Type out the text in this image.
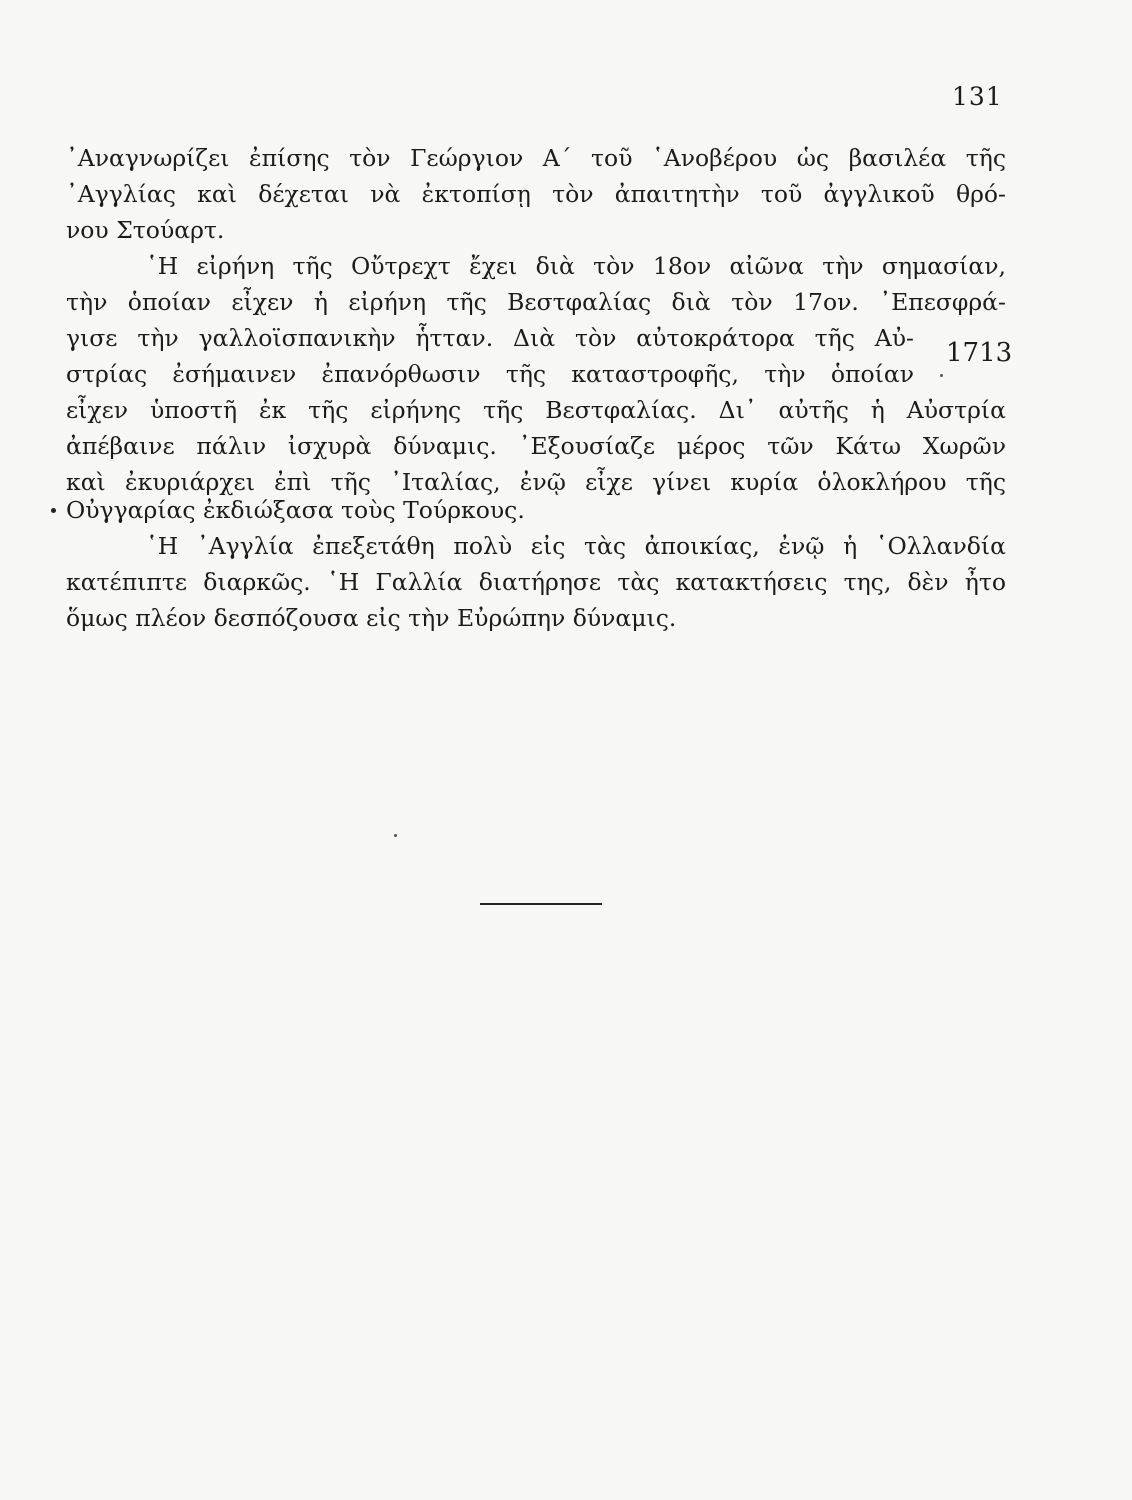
131
᾿Αναγνωρίζει ἐπίσης τὸν Γεώργιον Α΄ τοῦ ῾Ανοβέρου ὡς βασιλέα τῆς
᾿Αγγλίας καὶ δέχεται νὰ ἐκτοπίσῃ τὸν ἀπαιτητὴν τοῦ ἀγγλικοῦ θρό-
νου Στούαρτ.
῾Η εἰρήνη τῆς Οὔτρεχτ ἔχει διὰ τὸν 18ον αἰῶνα τὴν σημασίαν,
τὴν ὁποίαν εἶχεν ἡ εἰρήνη τῆς Βεστφαλίας διὰ τὸν 17ον. ᾿Επεσφρά-
γισε τὴν γαλλοϊσπανικὴν ἧτταν. Διὰ τὸν αὐτοκράτορα τῆς Αὐ-
στρίας ἐσήμαινεν ἐπανόρθωσιν τῆς καταστροφῆς, τὴν ὁποίαν
εἶχεν ὑποστῆ ἐκ τῆς εἰρήνης τῆς Βεστφαλίας. Δι᾿ αὐτῆς ἡ Αὐστρία
ἀπέβαινε πάλιν ἰσχυρὰ δύναμις. ᾿Εξουσίαζε μέρος τῶν Κάτω Χωρῶν
καὶ ἐκυριάρχει ἐπὶ τῆς ᾿Ιταλίας, ἐνῷ εἶχε γίνει κυρία ὁλοκλήρου τῆς
Οὐγγαρίας ἐκδιώξασα τοὺς Τούρκους.
῾Η ᾿Αγγλία ἐπεξετάθη πολὺ εἰς τὰς ἀποικίας, ἐνῷ ἡ ῾Ολλανδία
κατέπιπτε διαρκῶς. ῾Η Γαλλία διατήρησε τὰς κατακτήσεις της, δὲν ἦτο
ὅμως πλέον δεσπόζουσα εἰς τὴν Εὐρώπην δύναμις.
1713
